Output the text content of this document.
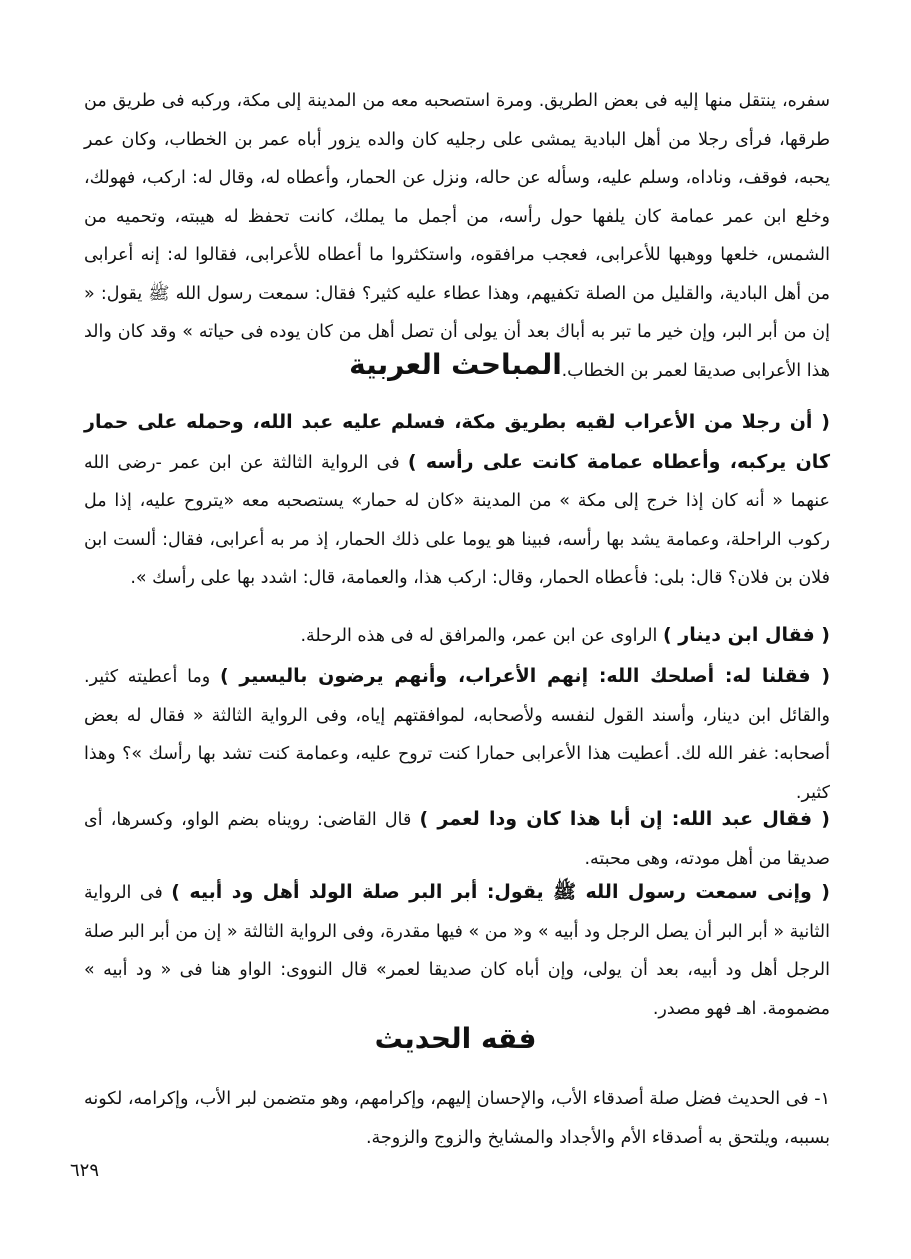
سفره، ينتقل منها إليه فى بعض الطريق. ومرة استصحبه معه من المدينة إلى مكة، وركبه فى طريق من طرقها، فرأى رجلا من أهل البادية يمشى على رجليه كان والده يزور أباه عمر بن الخطاب، وكان عمر يحبه، فوقف، وناداه، وسلم عليه، وسأله عن حاله، ونزل عن الحمار، وأعطاه له، وقال له: اركب، فهولك، وخلع ابن عمر عمامة كان يلفها حول رأسه، من أجمل ما يملك، كانت تحفظ له هيبته، وتحميه من الشمس، خلعها ووهبها للأعرابى، فعجب مرافقوه، واستكثروا ما أعطاه للأعرابى، فقالوا له: إنه أعرابى من أهل البادية، والقليل من الصلة تكفيهم، وهذا عطاء عليه كثير؟ فقال: سمعت رسول الله ﷺ يقول: « إن من أبر البر، وإن خير ما تبر به أباك بعد أن يولى أن تصل أهل من كان يوده فى حياته » وقد كان والد هذا الأعرابى صديقا لعمر بن الخطاب.

المباحث العربية

( أن رجلا من الأعراب لقيه بطريق مكة، فسلم عليه عبد الله، وحمله على حمار كان يركبه، وأعطاه عمامة كانت على رأسه ) فى الرواية الثالثة عن ابن عمر -رضى الله عنهما « أنه كان إذا خرج إلى مكة » من المدينة «كان له حمار» يستصحبه معه «يتروح عليه، إذا مل ركوب الراحلة، وعمامة يشد بها رأسه، فبينا هو يوما على ذلك الحمار، إذ مر به أعرابى، فقال: ألست ابن فلان بن فلان؟ قال: بلى: فأعطاه الحمار، وقال: اركب هذا، والعمامة، قال: اشدد بها على رأسك ».

( فقال ابن دينار ) الراوى عن ابن عمر، والمرافق له فى هذه الرحلة.

( فقلنا له: أصلحك الله: إنهم الأعراب، وأنهم يرضون باليسير ) وما أعطيته كثير. والقائل ابن دينار، وأسند القول لنفسه ولأصحابه، لموافقتهم إياه، وفى الرواية الثالثة « فقال له بعض أصحابه: غفر الله لك. أعطيت هذا الأعرابى حمارا كنت تروح عليه، وعمامة كنت تشد بها رأسك »؟ وهذا كثير.

( فقال عبد الله: إن أبا هذا كان ودا لعمر ) قال القاضى: رويناه بضم الواو، وكسرها، أى صديقا من أهل مودته، وهى محبته.

( وإنى سمعت رسول الله ﷺ يقول: أبر البر صلة الولد أهل ود أبيه ) فى الرواية الثانية « أبر البر أن يصل الرجل ود أبيه » و« من » فيها مقدرة، وفى الرواية الثالثة « إن من أبر البر صلة الرجل أهل ود أبيه، بعد أن يولى، وإن أباه كان صديقا لعمر» قال النووى: الواو هنا فى « ود أبيه » مضمومة. اهـ فهو مصدر.

فقه الحديث

١- فى الحديث فضل صلة أصدقاء الأب، والإحسان إليهم، وإكرامهم، وهو متضمن لبر الأب، وإكرامه، لكونه بسببه، ويلتحق به أصدقاء الأم والأجداد والمشايخ والزوج والزوجة.

٦٢٩
